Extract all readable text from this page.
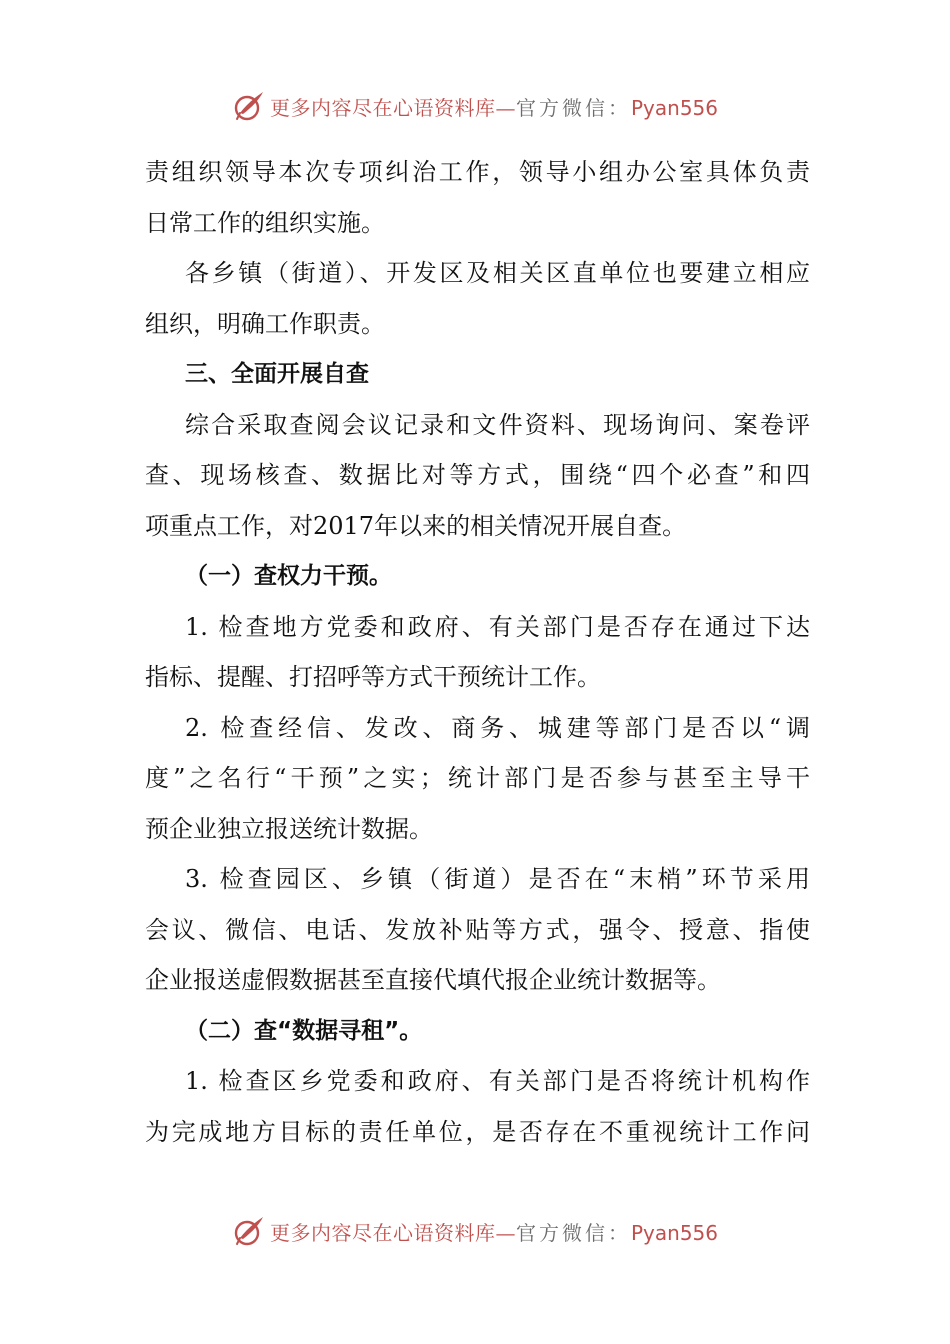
更多内容尽在心语资料库—官方微信：Pyan556
责组织领导本次专项纠治工作，领导小组办公室具体负责
日常工作的组织实施。
各乡镇（街道）、开发区及相关区直单位也要建立相应
组织，明确工作职责。
三、全面开展自查
综合采取查阅会议记录和文件资料、现场询问、案卷评
查、现场核查、数据比对等方式，围绕“四个必查”和四
项重点工作，对2017年以来的相关情况开展自查。
（一）查权力干预。
1. 检查地方党委和政府、有关部门是否存在通过下达
指标、提醒、打招呼等方式干预统计工作。
2. 检查经信、发改、商务、城建等部门是否以“调
度”之名行“干预”之实；统计部门是否参与甚至主导干
预企业独立报送统计数据。
3. 检查园区、乡镇（街道）是否在“末梢”环节采用
会议、微信、电话、发放补贴等方式，强令、授意、指使
企业报送虚假数据甚至直接代填代报企业统计数据等。
（二）查“数据寻租”。
1. 检查区乡党委和政府、有关部门是否将统计机构作
为完成地方目标的责任单位，是否存在不重视统计工作问
更多内容尽在心语资料库—官方微信：Pyan556
